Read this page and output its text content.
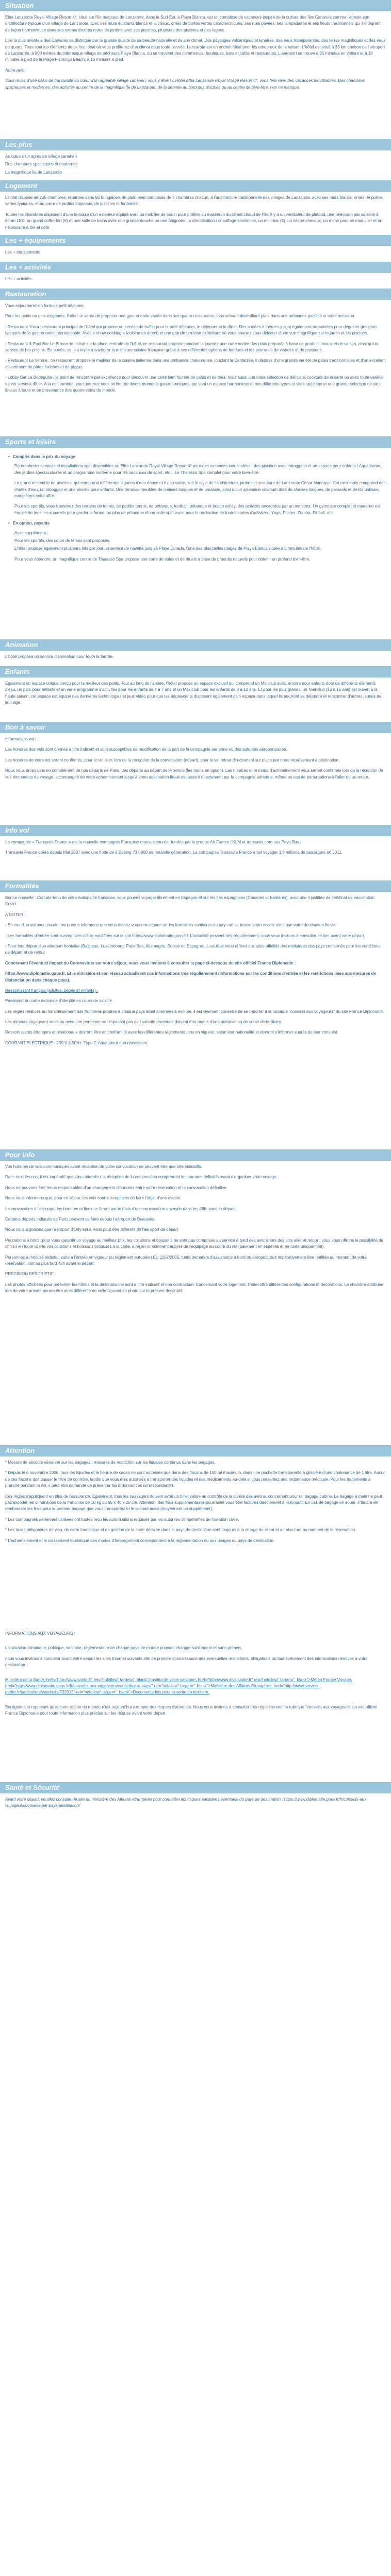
Situation

Elba Lanzarote Royal Village Resort 4*, situé sur l'île magique de Lanzarote, dans le Sud-Est, à Playa Blanca, est un complexe de vacances inspiré de la culture des îles Canaries comme l'atteste son architecture typique d'un village de Lanzarote, avec ses murs éclatants blancs et la chaux, ornés de portes vertes caractéristiques, ses rues pavées, ses lampadaires et ses fleurs traditionnels qui s'intègrent de façon harmonieuse dans ses extraordinaires notes de jardins avec ses piscines, plusieurs des piscines et des lagons.

L'île la plus orientale des Canaries se distingue par la grande qualité de sa beauté naturelle et de son climat. Des paysages volcaniques et lunaires, des eaux transparentes, des terres magnifiques et des eaux de quartz. Tous sont les éléments de ce lieu idéal où vous profiterez d'un climat doux toute l'année. Lanzarote est un endroit idéal pour les amoureux de la nature. L'hôtel est situé à 33 km environ de l'aéroport de Lanzarote, à 900 mètres du pittoresque village de pêcheurs Playa Blanca, où se trouvent des commerces, boutiques, bars et cafés et restaurants. L'aéroport se trouve à 35 minutes en voiture et à 10 minutes à pied de la Plage Flamingo Beach, à 15 minutes à pied.

Notre avis :

Vous rêvez d'une oasis de tranquillité au cœur d'un agréable village canarien, vous y êtes ! L'Hôtel Elba Lanzarote Royal Village Resort 4*, vous fera vivre des vacances inoubliables. Des chambres spacieuses et modernes, des activités au centre de la magnifique île de Lanzarote, de la détente au bord des piscines ou au centre de bien-être, rien ne manque.

Les plus
Au cœur d'un agréable village canarien
Des chambres spacieuses et modernes
La magnifique île de Lanzarote
Logement

L'hôtel dispose de 265 chambres, réparties dans 95 bungalows de plain-pied composés de 4 chambres chacun, à l'architecture traditionnelle des villages de Lanzarote, avec ses murs blancs, ornés de portes vertes typiques, et au cœur de jardins tropicaux, de piscines et fontaines.

Toutes les chambres disposent d'une terrasse d'un extérieur équipé avec du mobilier de jardin pour profiter au maximum du climat chaud de l'île. Il y a un ventilateur de plafond, une télévision par satellite à écran LED, un grand coffre fort (€) et une salle de bains avec une grande douche ou une baignoire, la climatisation / chauffage saisonnier, un mini-bar (€), un sèche-cheveux, un miroir pour se maquiller et un nécessaire à thé et café.

Les + équipements

Les + équipements

Les + activités

Les + activités

Restauration

Vous séjournerez en formule petit déjeuner.

Pour les petits ou plus exigeants, l'hôtel se vante de proposer une gastronomie variée dans ses quatre restaurants, tous servant diversifiant plats dans une ambiance paisible et toute occasion.

- Restaurant Yaiza : restaurant principal de l'hôtel qui propose un service de buffet pour le petit-déjeuner, le déjeuner et le dîner. Des soirées à thèmes y sont également organisées pour déguster des plats typiques de la gastronomie internationale. Avec « show-cooking » (cuisine en direct) et une grande terrasse extérieure où vous pourrez vous délecter d'une vue magnifique sur le jardin et les piscines.

- Restaurant & Pool Bar Le Brasserie : situé sur la place centrale de l'hôtel, ce restaurant propose pendant la journée une carte variée des plats préparés à base de produits locaux et de saison, ainsi qu'un service de bar piscine. En soirée, ce lieu invite à savourer la meilleure cuisine française grâce à ses différentes options de fondues et les pierrades de viandes et de poissons.

- Restaurant La Venise : ce restaurant propose le meilleur de la cuisine italienne dans une ambiance chaleureuse, jouxtant la Cantalzée. Il dispose d'une grande variété de pâtes traditionnelles et d'un excellent assortiment de pâtes fraîches et de pizzas.

- Lobby Bar La Bodeguita : le point de rencontre par excellence pour découvrir une carte bien fournie de cafés et de thés, mais aussi une toute sélection de délicieux cocktails de la carte ou avec toute variété de vin servis à dîner. A la nuit tombée, vous pourrez vous arrêter de divers moments gastronomiques, qui sont un espace harmonieux et nos différents types et sites spéciaux et une grande sélection de vins locaux à toute et en provenance des quatre coins du monde.

Sports et loisirs
• Compris dans le prix du voyage

De nombreux services et installations sont disponibles au Elba Lanzarote Royal Village Resort 4* pour des vacances inoubliables : des piscines avec toboggans et un espace pour enfants / Aquadrome, des jardins spectaculaires et un programme moderne pour les vacances de sport, etc... Le Thalasso Spa complet pour votre bien-être.

Le grand ensemble de piscines, qui comprend différentes lagunes d'eau douce et d'eau salée, suit le style de l'architecture, jardins et sculpture de Lanzarote César Manrique. Cet ensemble comprend des chutes d'eau, un toboggan et une piscine pour enfants. Une terrasse meublée de chaises longues et de parasols, ainsi qu'un splendide solarium doté de chaises longues, de parasols et de lits balinais, complètent cette offre.

Pour les sportifs, vous trouverez des terrains de tennis, de paddle tennis, de pétanque, football, pétanque et beach volley, des activités encadrées par un moniteur. Un gymnase complet et moderne est équipé de tous les appareils pour garder la forme, ou plus de pétanque d'une salle spacieuse pour la réalisation de toutes sortes d'activités : Yoga, Pilates, Zumba, Fit ball, etc.

• En option, payante
Avec supplément :
Pour les sportifs, des cours de tennis sont proposés.

L'hôtel propose également plusieurs lots par jour un service de navette jusqu'à Playa Dorada, l'une des plus belles plages de Playa Blanca située à 5 minutes de l'hôtel.

Pour vous détendre, un magnifique centre de Thalasso Spa propose une carte de soins et de rituels à base de produits naturels pour obtenir un profond bien-être.

Animation

L'hôtel propose un service d'animation pour toute la famille.

Enfants

Également un espace unique conçu pour la meilleur des petits. Tout au long de l'année, l'hôtel propose un espace exclusif qui comprend un Miniclub avec, encore pour enfants doté de différents éléments d'eau, un parc pour enfants et un varie programme d'activités pour les enfants de 4 à 7 ans et un Maxiclub pour les enfants de 8 à 12 ans. Et pour les plus grands, un Teenclub (13 à 16 ans) est ouvert à la haute saison, cet espace est équipé des dernières technologies et jeux vidéo pour que les adolescents disposent également d'un espace dans lequel ils pourront se détendre et rencontrer d'autres jeunes de leur âge.

Bon à savoir

Informations vols :

Les horaires des vols sont donnés à titre indicatif et sont susceptibles de modification de la part de la compagnie aérienne ou des autorités aéroportuaires.

Les horaires de votre vol seront confirmés, pour le vol aller, lors de la réception de la convocation (départ), pour le vol retour directement sur place par notre représentant à destination.

Nous vous proposons en complément de nos départs de Paris, des départs au départ de Province (les trains en option). Les horaires et le mode d'acheminement vous seront confirmés lors de la réception de vos documents de voyage, accompagné de votre acheminement jusqu'à votre destination finale est assuré directement par la compagnie aérienne, même en cas de perturbations à l'aller ou au retour.

Info vol

La compagnie « Transavia France » est la nouvelle compagnie Française mousse courrier fondée par le groupe Air France / KLM et transavia.com aux Pays-Bas.

Transavia France opère depuis Mai 2007 avec une flotte de 8 Boeing 737-800 de nouvelle génération. La compagnie Transavia France a fait voyager 1,8 millions de passagers en 2011.

Formalités

Bonne nouvelle : Compte-tenu de votre nationalité française, vous pouvez voyager librement en Espagne et sur les îles espagnoles (Canaries et Baléares), avec une il justifiée de certificat de vaccination Covid.

A NOTER :

- En cas d'un vol avec escale, nous vous informons que vous devrez vous renseigner sur les formalités sanitaires du pays où se trouve votre escale ainsi que votre destination finale.

- Les formalités d'entrée sont susceptibles d'être modifiées sur le site https://www.diplomatie.gouv.fr/. L'actualité provient très régulièrement, nous vous invitons à consulter ce lien avant votre départ.

- Pour tout départ d'un aéroport frontalier (Belgique, Luxembourg, Pays-Bas, Allemagne, Suisse ou Espagne...), veuillez vous référer aux sites officiels des ministères des pays concernés pour les conditions de départ et de retour.

Concernant l'éventuel impact du Coronavirus sur votre séjour, nous vous invitons à consulter la page ci-dessous du site officiel France Diplomatie :

https://www.diplomatie.gouv.fr. Et le ministère et son réseau actualisent ces informations très régulièrement (informations sur les conditions d'entrée et les restrictions liées aux mesures de distanciation dans chaque pays).

Ressortissant français (adultes, bébés et enfants) :

Passeport ou carte nationale d'identité en cours de validité

Les règles relatives au franchissement des frontières propres à chaque pays étant amenées à évoluer, il est vivement conseillé de se reporter à la rubrique "conseils aux voyageurs" du site France Diplomatie.

Les mineurs voyageant seuls ou avec une personne ne disposant pas de l'autorité parentale doivent être munis d'une autorisation de sortie de territoire.

Ressortissants étrangers et binationaux devront être en conformité avec les différentes réglementations en vigueur, selon leur nationalité et devront s'informer auprès de leur consulat.

COURANT ÉLECTRIQUE : 230 V à 50Hz. Type F. Adaptateur non nécessaire.

Pour info

Vos horaires de vols communiqués avant réception de votre convocation ne peuvent être que très indicatifs.

Dans tous les cas, il est impératif que vous attendiez la réception de la convocation comprenant les horaires définitifs avant d'organiser votre voyage.

Nous ne pouvons être tenus responsables d'un changement d'horaires entre votre réservation et la convocation définitive.

Nous vous informons que, pour ce séjour, les voix sont susceptibles de faire l'objet d'une escale.

La convocation à l'aéroport, les horaires et lieux se feront par le biais d'une convocation envoyée dans les 48h avant le départ.

Certains départs indiqués de Paris peuvent se faire depuis l'aéroport de Beauvais.

Nous vous signalons que l'aéroport d'Orly est à Paris peut être différent de l'aéroport de départ.

Prestations à bord : pour vous garantir un voyage au meilleur prix, les collations et boissons ne sont pas comprises au service à bord des avions lors des vols aller et retour ; vous vous offrons la possibilité de choisir en toute liberté vos collations et boissons proposés à la carte, à régler directement auprès de l'équipage au cours du vol (paiement en espèces et en carte uniquement).

Personnes à mobilité réduite : suite à l'entrée en vigueur du règlement européen EU 1107/2006, toute demande d'assistance à bord ou aéroport, doit impérativement être notifiée au moment de votre réservation, soit au plus tard 48h avant le départ.

PRÉCISION DESCRIPTIF :

Les photos affichées pour présenter les hôtels et la destination le sont à titre indicatif et non contractuel. Concernant votre logement, l'hôtel offre différentes configurations et décorations. Le chambre attribuée lors de votre arrivée pourra être ainsi différente de celle figurant en photo sur le présent descriptif.

Attention

* Mesure de sécurité aérienne sur les bagages : mesures de restriction sur les liquides contenus dans les bagages.

* Depuis le 6 novembre 2006, tous les liquides et le beurre de cacao ne sont autorisés que dans des flacons de 100 ml maximum, dans une pochette transparente à glissière d'une contenance de 1 litre. Aucun de ces flacons doit passer le filtre de contrôle, tandis que vous êtes autorisés à transporter des liquides et des médicaments au-delà si vous présentez une ordonnance médicale. Pour les traitements à prendre pendant le vol, il peut être demandé de présenter les ordonnances correspondantes.

Ces règles s'appliquent en plus de l'assurance. Également, tous les passagers doivent avoir un billet valide au contrôle de la sûreté des avions, concernant pour un bagage cabine. Le bagage à main ne peut pas excéder les dimensions de la franchise de 10 kg ou 55 x 40 x 20 cm. Attention, des frais supplémentaires pourraient vous être facturés directement à l'aéroport. En cas de bagage en soute, il faudra en rembourser les frais pour le premier bagage que vous transportez et le second aussi (moyennant un supplément).

* Les compagnies aériennes utilisées ont toutes reçu les autorisations requises par les autorités compétentes de l'aviation civile.

* Les taxes obligatoires de visa, de carte touristique et de gestion de la carte délivrée dans le pays de destination sont toujours à la charge du client et au plus tard au moment de la réservation.

* L'acheminement et le classement touristique des modes d'hébergement correspondent à la réglementation ou aux usages du pays de destination.

INFORMATIONS AUX VOYAGEURS :

La situation climatique, politique, sanitaire, réglementaire de chaque pays de monde pouvant changer subitement et sans préavis,

nous vous invitons à consulter avant votre départ les sites Internet suivants afin de prendre connaissance des éventuelles restrictions, obligations ou tout événement des informations relatives à votre destination :

Ministère de la Santé, href="http://www.sante.fr" rel="nofollow" target="_blank">Institut de veille sanitaire, href="http://www.invs.sante.fr" rel="nofollow" target="_blank">Météo France Voyage, href="http://www.diplomatie.gouv.fr/fr/conseils-aux-voyageurs/conseils-par-pays/" rel="nofollow" target="_blank">Ministère des Affaires Étrangères, href="http://www.service-public.fr/particuliers/vosdroits/F32013" rel="nofollow" target="_blank">Documents-liés pour la sortie du territoire.

Soulignons et rappelant qu'aucune région du monde n'est aujourd'hui exempte des risques d'attentats. Nous vous invitons à consulter très régulièrement la rubrique "conseils aux voyageurs" du site officiel France Diplomatie pour toute information plus précise sur les risques avant votre départ.

Santé et Sécurité

Avant votre départ, veuillez consulter le site du ministère des Affaires étrangères pour connaître les risques sanitaires éventuels du pays de destination : https://www.diplomatie.gouv.fr/fr/conseils-aux-voyageurs/conseils-par-pays-destination/
